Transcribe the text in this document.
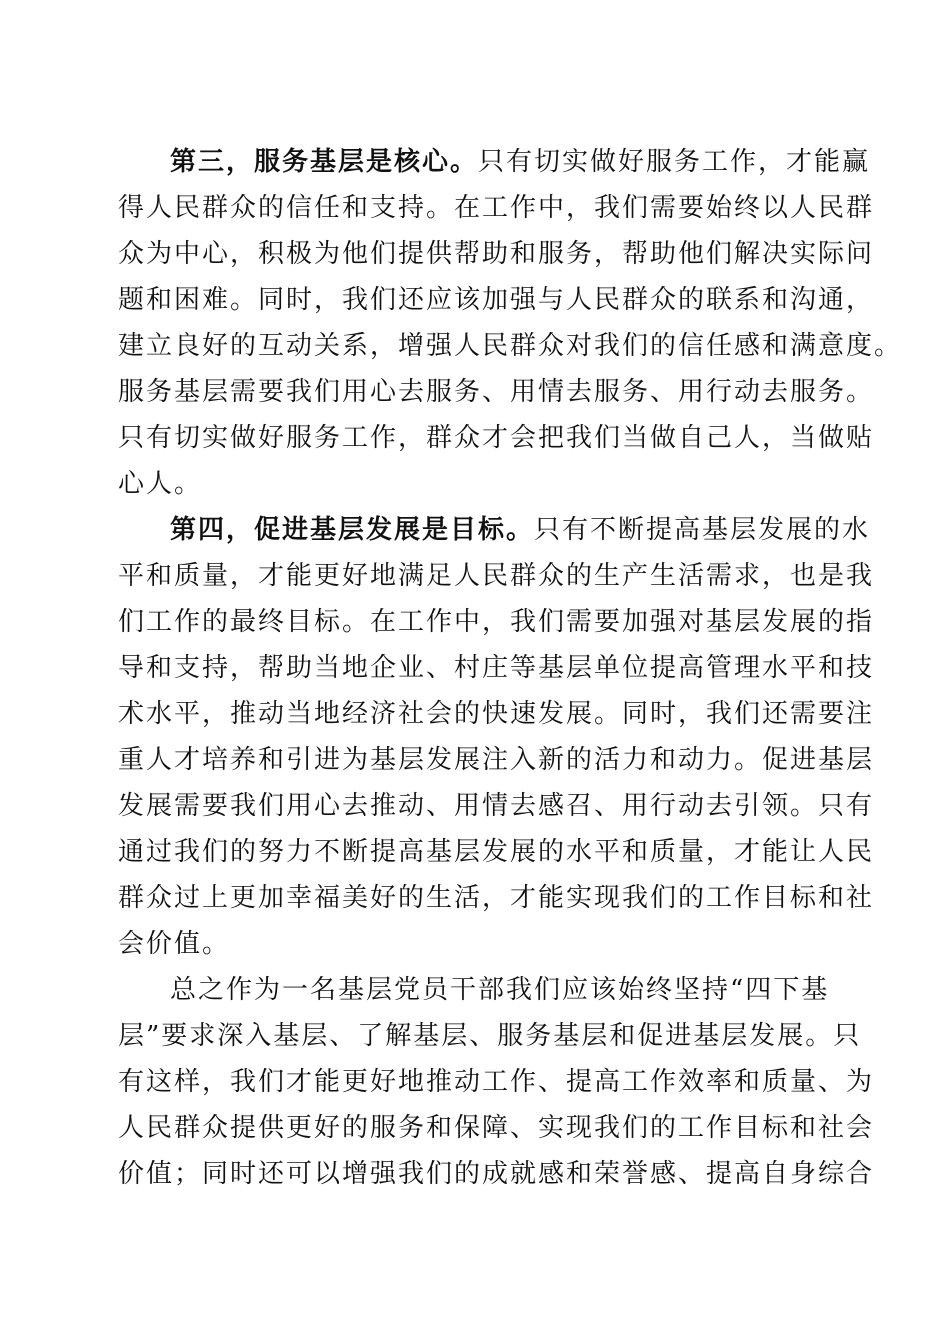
第三，服务基层是核心。只有切实做好服务工作，才能赢
得人民群众的信任和支持。在工作中，我们需要始终以人民群
众为中心，积极为他们提供帮助和服务，帮助他们解决实际问
题和困难。同时，我们还应该加强与人民群众的联系和沟通，
建立良好的互动关系，增强人民群众对我们的信任感和满意度。
服务基层需要我们用心去服务、用情去服务、用行动去服务。
只有切实做好服务工作，群众才会把我们当做自己人，当做贴
心人。
第四，促进基层发展是目标。只有不断提高基层发展的水
平和质量，才能更好地满足人民群众的生产生活需求，也是我
们工作的最终目标。在工作中，我们需要加强对基层发展的指
导和支持，帮助当地企业、村庄等基层单位提高管理水平和技
术水平，推动当地经济社会的快速发展。同时，我们还需要注
重人才培养和引进为基层发展注入新的活力和动力。促进基层
发展需要我们用心去推动、用情去感召、用行动去引领。只有
通过我们的努力不断提高基层发展的水平和质量，才能让人民
群众过上更加幸福美好的生活，才能实现我们的工作目标和社
会价值。
总之作为一名基层党员干部我们应该始终坚持“四下基
层”要求深入基层、了解基层、服务基层和促进基层发展。只
有这样，我们才能更好地推动工作、提高工作效率和质量、为
人民群众提供更好的服务和保障、实现我们的工作目标和社会
价值；同时还可以增强我们的成就感和荣誉感、提高自身综合
